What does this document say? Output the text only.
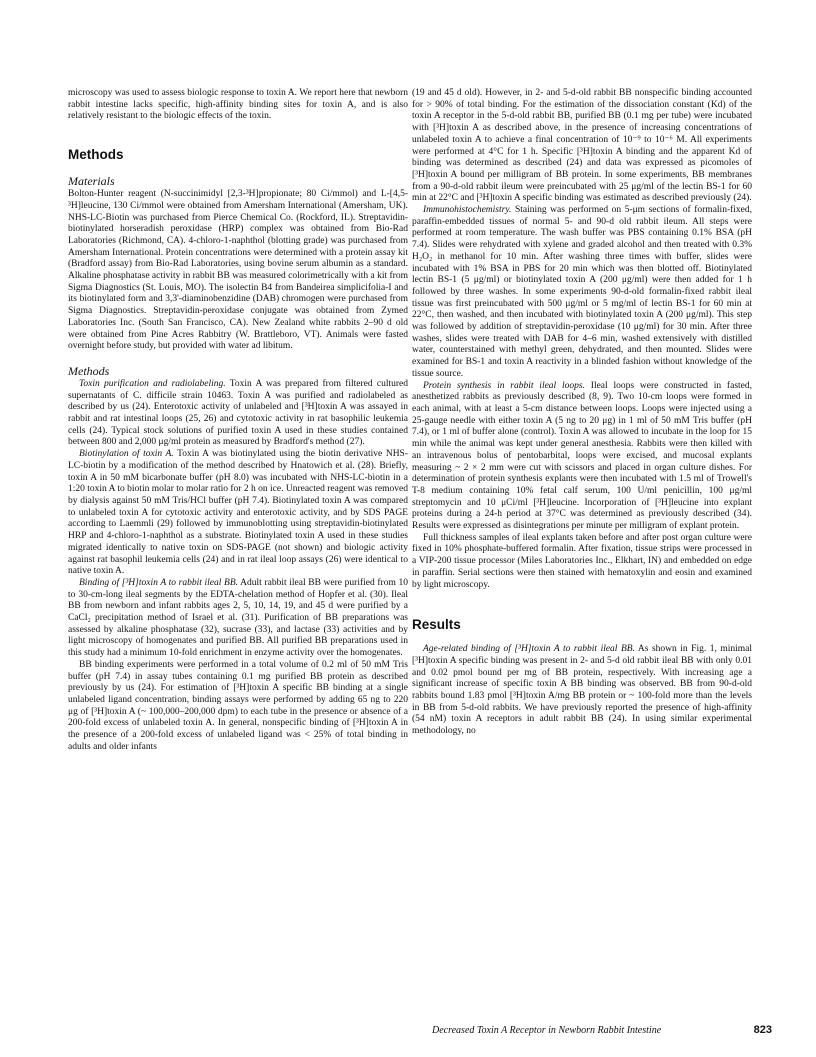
microscopy was used to assess biologic response to toxin A. We report here that newborn rabbit intestine lacks specific, high-affinity binding sites for toxin A, and is also relatively resistant to the biologic effects of the toxin.

Methods
Materials

Bolton-Hunter reagent (N-succinimidyl [2,3-³H]propionate; 80 Ci/mmol) and L-[4,5-³H]leucine, 130 Ci/mmol were obtained from Amersham International (Amersham, UK). NHS-LC-Biotin was purchased from Pierce Chemical Co. (Rockford, IL). Streptavidin-biotinylated horseradish peroxidase (HRP) complex was obtained from Bio-Rad Laboratories (Richmond, CA). 4-chloro-1-naphthol (blotting grade) was purchased from Amersham International. Protein concentrations were determined with a protein assay kit (Bradford assay) from Bio-Rad Laboratories, using bovine serum albumin as a standard. Alkaline phosphatase activity in rabbit BB was measured colorimetrically with a kit from Sigma Diagnostics (St. Louis, MO). The isolectin B4 from Bandeirea simplicifolia-I and its biotinylated form and 3,3'-diaminobenzidine (DAB) chromogen were purchased from Sigma Diagnostics. Streptavidin-peroxidase conjugate was obtained from Zymed Laboratories Inc. (South San Francisco, CA). New Zealand white rabbits 2–90 d old were obtained from Pine Acres Rabbitry (W. Brattleboro, VT). Animals were fasted overnight before study, but provided with water ad libitum.

Methods

Toxin purification and radiolabeling. Toxin A was prepared from filtered cultured supernatants of C. difficile strain 10463. Toxin A was purified and radiolabeled as described by us (24). Enterotoxic activity of unlabeled and [³H]toxin A was assayed in rabbit and rat intestinal loops (25, 26) and cytotoxic activity in rat basophilic leukemia cells (24). Typical stock solutions of purified toxin A used in these studies contained between 800 and 2,000 μg/ml protein as measured by Bradford's method (27).

Biotinylation of toxin A. Toxin A was biotinylated using the biotin derivative NHS-LC-biotin by a modification of the method described by Hnatowich et al. (28). Briefly, toxin A in 50 mM bicarbonate buffer (pH 8.0) was incubated with NHS-LC-biotin in a 1:20 toxin A to biotin molar to molar ratio for 2 h on ice. Unreacted reagent was removed by dialysis against 50 mM Tris/HCl buffer (pH 7.4). Biotinylated toxin A was compared to unlabeled toxin A for cytotoxic activity and enterotoxic activity, and by SDS PAGE according to Laemmli (29) followed by immunoblotting using streptavidin-biotinylated HRP and 4-chloro-1-naphthol as a substrate. Biotinylated toxin A used in these studies migrated identically to native toxin on SDS-PAGE (not shown) and biologic activity against rat basophil leukemia cells (24) and in rat ileal loop assays (26) were identical to native toxin A.

Binding of [³H]toxin A to rabbit ileal BB. Adult rabbit ileal BB were purified from 10 to 30-cm-long ileal segments by the EDTA-chelation method of Hopfer et al. (30). Ileal BB from newborn and infant rabbits ages 2, 5, 10, 14, 19, and 45 d were purified by a CaCl₂ precipitation method of Israel et al. (31). Purification of BB preparations was assessed by alkaline phosphatase (32), sucrase (33), and lactase (33) activities and by light microscopy of homogenates and purified BB. All purified BB preparations used in this study had a minimum 10-fold enrichment in enzyme activity over the homogenates.

BB binding experiments were performed in a total volume of 0.2 ml of 50 mM Tris buffer (pH 7.4) in assay tubes containing 0.1 mg purified BB protein as described previously by us (24). For estimation of [³H]toxin A specific BB binding at a single unlabeled ligand concentration, binding assays were performed by adding 65 ng to 220 μg of [³H]toxin A (~ 100,000–200,000 dpm) to each tube in the presence or absence of a 200-fold excess of unlabeled toxin A. In general, nonspecific binding of [³H]toxin A in the presence of a 200-fold excess of unlabeled ligand was < 25% of total binding in adults and older infants

(19 and 45 d old). However, in 2- and 5-d-old rabbit BB nonspecific binding accounted for > 90% of total binding. For the estimation of the dissociation constant (Kd) of the toxin A receptor in the 5-d-old rabbit BB, purified BB (0.1 mg per tube) were incubated with [³H]toxin A as described above, in the presence of increasing concentrations of unlabeled toxin A to achieve a final concentration of 10⁻⁹ to 10⁻⁶ M. All experiments were performed at 4°C for 1 h. Specific [³H]toxin A binding and the apparent Kd of binding was determined as described (24) and data was expressed as picomoles of [³H]toxin A bound per milligram of BB protein. In some experiments, BB membranes from a 90-d-old rabbit ileum were preincubated with 25 μg/ml of the lectin BS-1 for 60 min at 22°C and [³H]toxin A specific binding was estimated as described previously (24).

Immunohistochemistry. Staining was performed on 5-μm sections of formalin-fixed, paraffin-embedded tissues of normal 5- and 90-d old rabbit ileum. All steps were performed at room temperature. The wash buffer was PBS containing 0.1% BSA (pH 7.4). Slides were rehydrated with xylene and graded alcohol and then treated with 0.3% H₂O₂ in methanol for 10 min. After washing three times with buffer, slides were incubated with 1% BSA in PBS for 20 min which was then blotted off. Biotinylated lectin BS-1 (5 μg/ml) or biotinylated toxin A (200 μg/ml) were then added for 1 h followed by three washes. In some experiments 90-d-old formalin-fixed rabbit ileal tissue was first preincubated with 500 μg/ml or 5 mg/ml of lectin BS-1 for 60 min at 22°C, then washed, and then incubated with biotinylated toxin A (200 μg/ml). This step was followed by addition of streptavidin-peroxidase (10 μg/ml) for 30 min. After three washes, slides were treated with DAB for 4–6 min, washed extensively with distilled water, counterstained with methyl green, dehydrated, and then mounted. Slides were examined for BS-1 and toxin A reactivity in a blinded fashion without knowledge of the tissue source.

Protein synthesis in rabbit ileal loops. Ileal loops were constructed in fasted, anesthetized rabbits as previously described (8, 9). Two 10-cm loops were formed in each animal, with at least a 5-cm distance between loops. Loops were injected using a 25-gauge needle with either toxin A (5 ng to 20 μg) in 1 ml of 50 mM Tris buffer (pH 7.4), or 1 ml of buffer alone (control). Toxin A was allowed to incubate in the loop for 15 min while the animal was kept under general anesthesia. Rabbits were then killed with an intravenous bolus of pentobarbital, loops were excised, and mucosal explants measuring ~ 2 × 2 mm were cut with scissors and placed in organ culture dishes. For determination of protein synthesis explants were then incubated with 1.5 ml of Trowell's T-8 medium containing 10% fetal calf serum, 100 U/ml penicillin, 100 μg/ml streptomycin and 10 μCi/ml [³H]leucine. Incorporation of [³H]leucine into explant proteins during a 24-h period at 37°C was determined as previously described (34). Results were expressed as disintegrations per minute per milligram of explant protein.

Full thickness samples of ileal explants taken before and after post organ culture were fixed in 10% phosphate-buffered formalin. After fixation, tissue strips were processed in a VIP-200 tissue processor (Miles Laboratories Inc., Elkhart, IN) and embedded on edge in paraffin. Serial sections were then stained with hematoxylin and eosin and examined by light microscopy.

Results

Age-related binding of [³H]toxin A to rabbit ileal BB. As shown in Fig. 1, minimal [³H]toxin A specific binding was present in 2- and 5-d old rabbit ileal BB with only 0.01 and 0.02 pmol bound per mg of BB protein, respectively. With increasing age a significant increase of specific toxin A BB binding was observed. BB from 90-d-old rabbits bound 1.83 pmol [³H]toxin A/mg BB protein or ~ 100-fold more than the levels in BB from 5-d-old rabbits. We have previously reported the presence of high-affinity (54 nM) toxin A receptors in adult rabbit BB (24). In using similar experimental methodology, no

Decreased Toxin A Receptor in Newborn Rabbit Intestine	823
